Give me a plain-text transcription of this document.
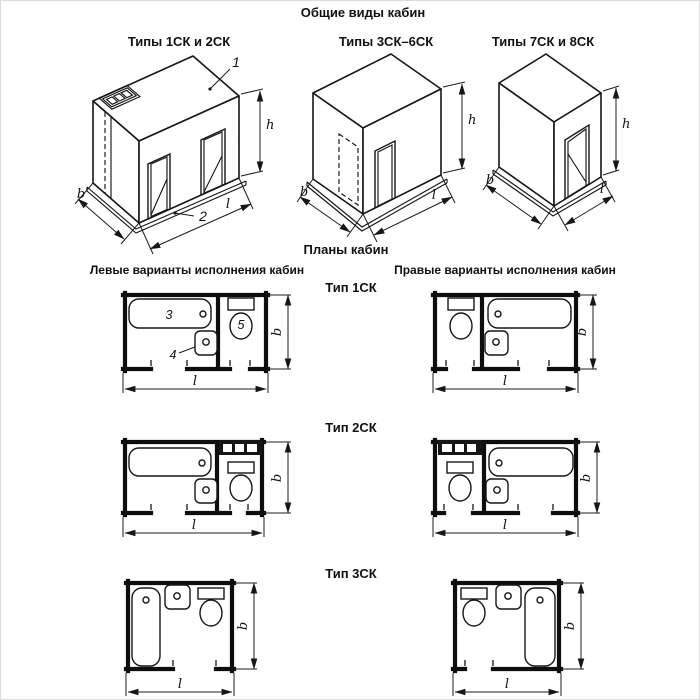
Общие виды кабин
Типы 1СК и 2СК	Типы 3СК–6СК	Типы 7СК и 8СК
Планы кабин
Левые варианты исполнения кабин	Правые варианты исполнения кабин
Тип 1СК
Тип 2СК
Тип 3СК
1
2
h
b
l
h
b	l
h
b
l
3
4
5 b
l
b
l
b
l
b
l
b
l
b
l
